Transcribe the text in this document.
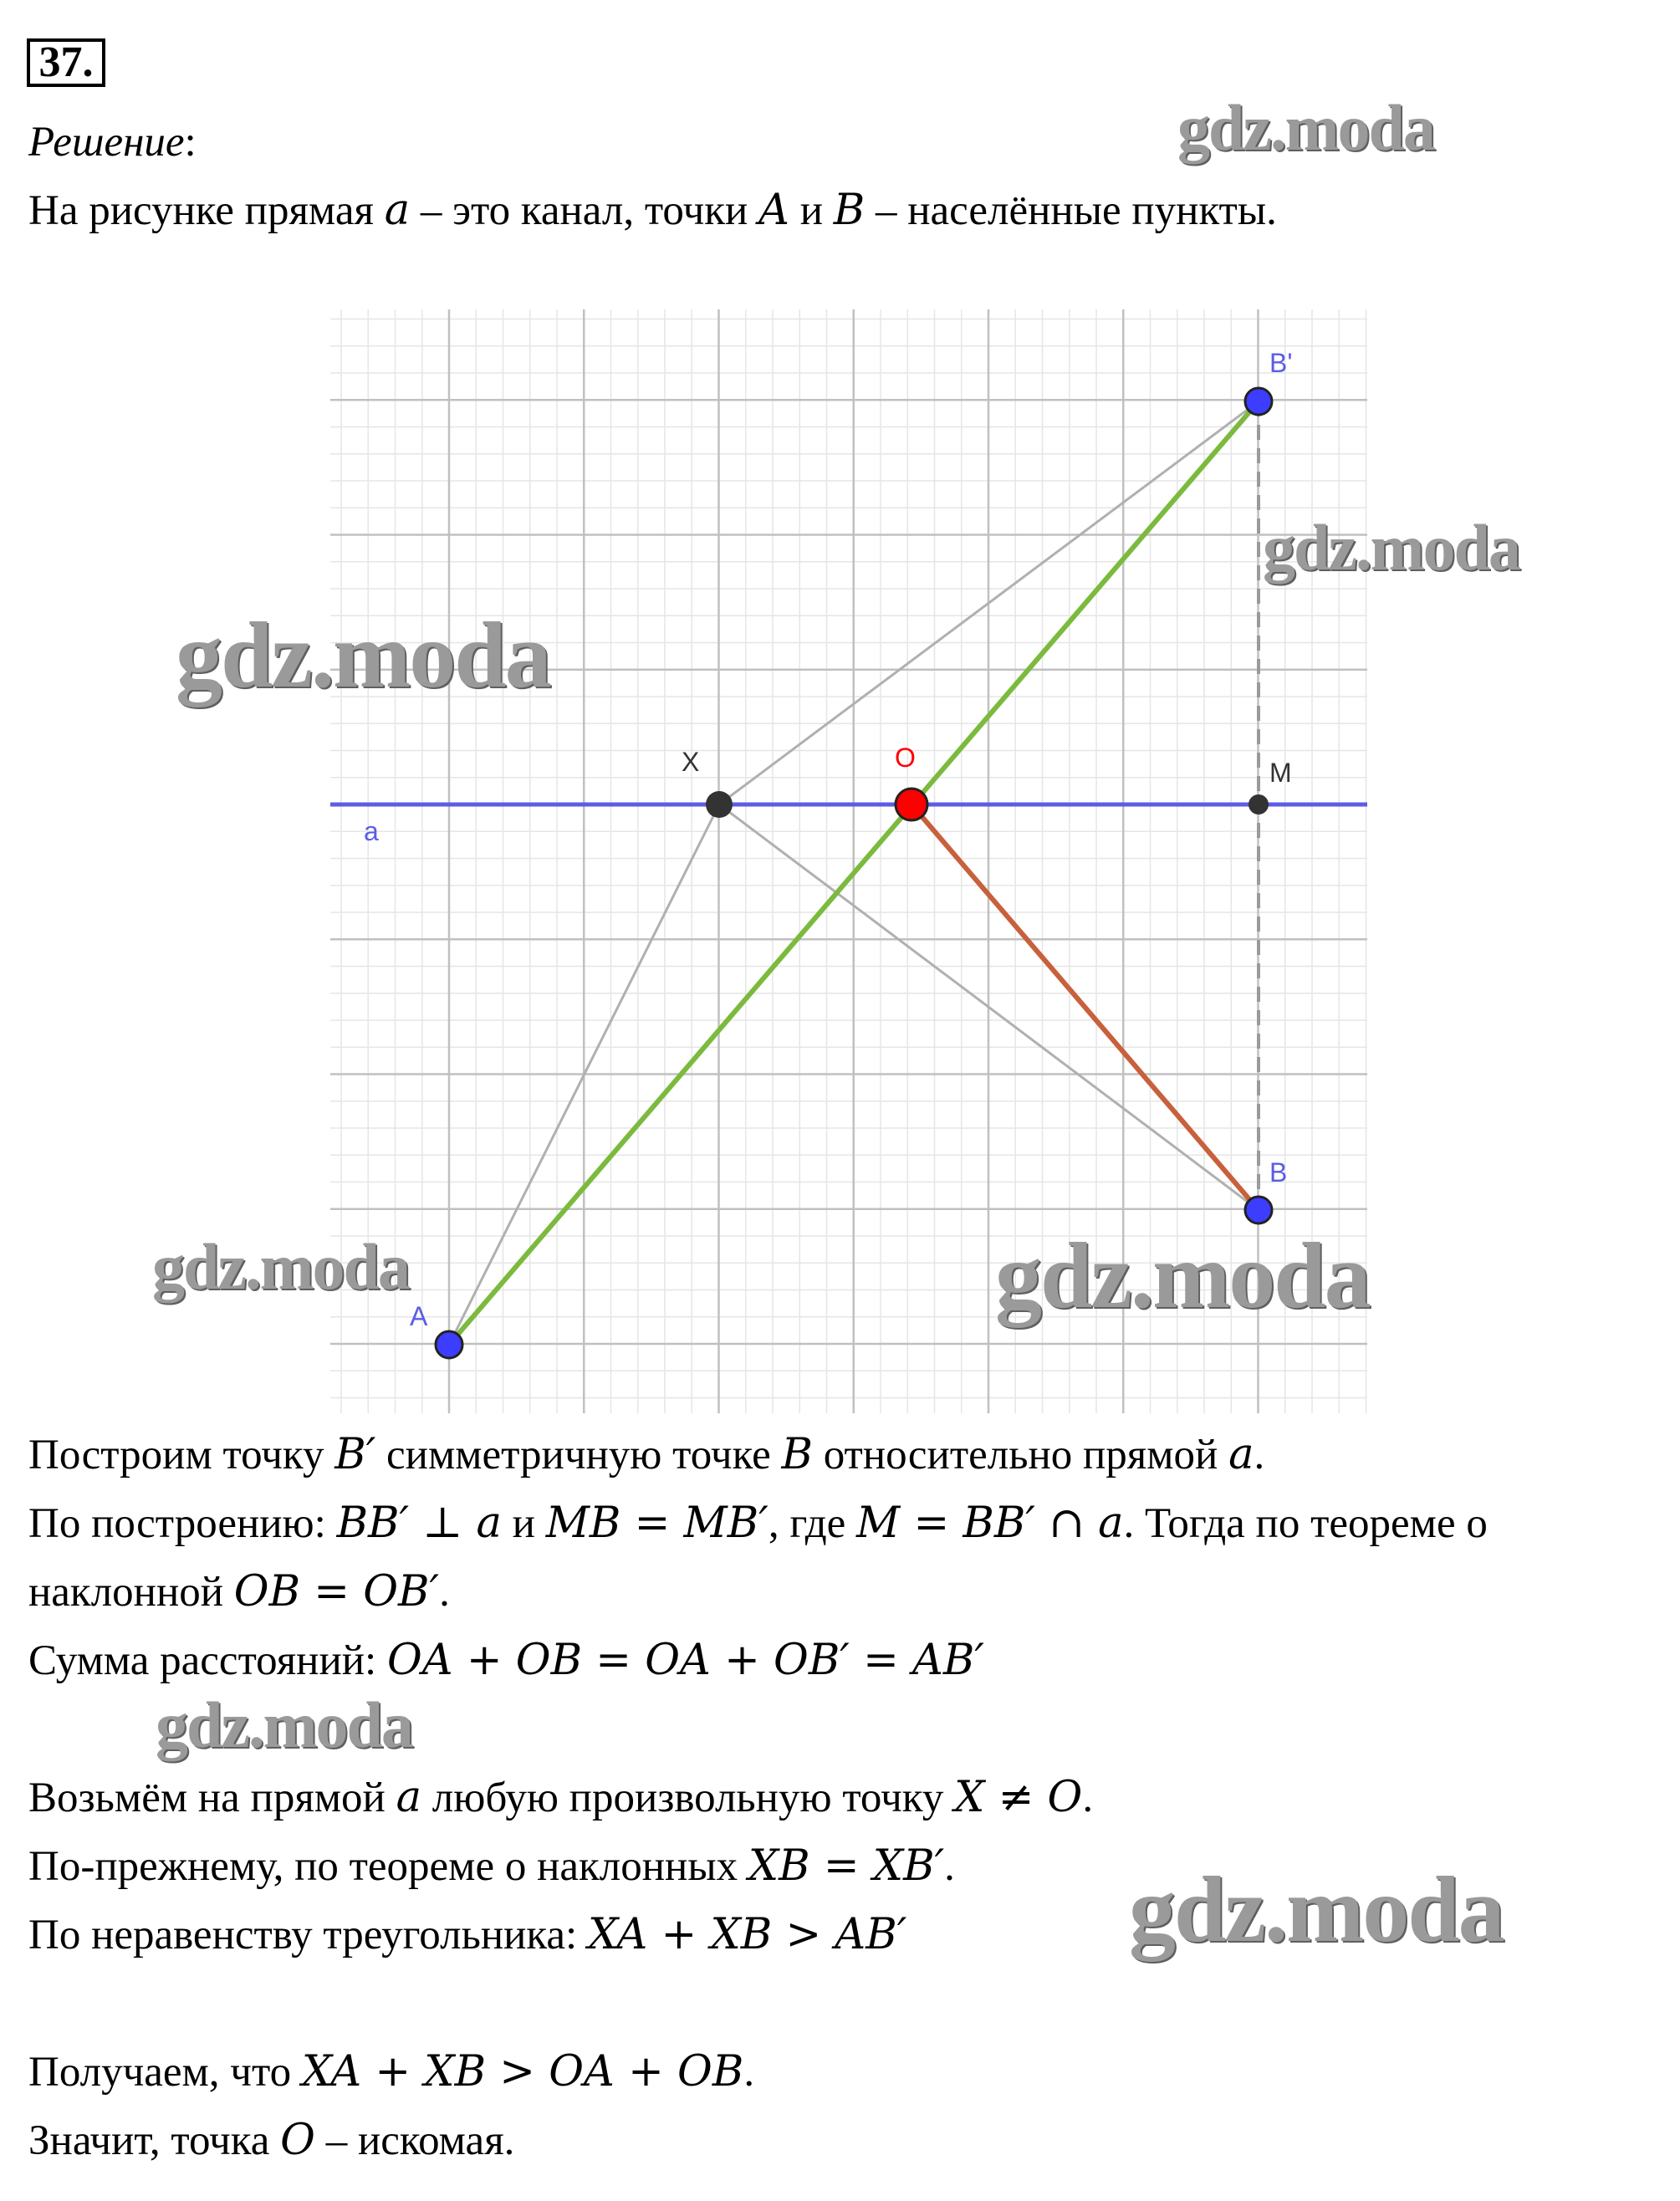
37.
Решение:
На рисунке прямая a – это канал, точки A и B – населённые пункты.
B'
X	O	M
a
B
A
Построим точку B′ симметричную точке B относительно прямой a.
По построению: BB′ ⊥ a и MB = MB′, где M = BB′ ∩ a. Тогда по теореме о
наклонной OB = OB′.
Сумма расстояний: OA + OB = OA + OB′ = AB′
Возьмём на прямой a любую произвольную точку X ≠ O.
По-прежнему, по теореме о наклонных XB = XB′.
По неравенству треугольника: XA + XB > AB′
Получаем, что XA + XB > OA + OB.
Значит, точка O – искомая.
gdz.moda
gdz.moda
gdz.moda
gdz.moda	gdz.moda
gdz.moda
gdz.moda
